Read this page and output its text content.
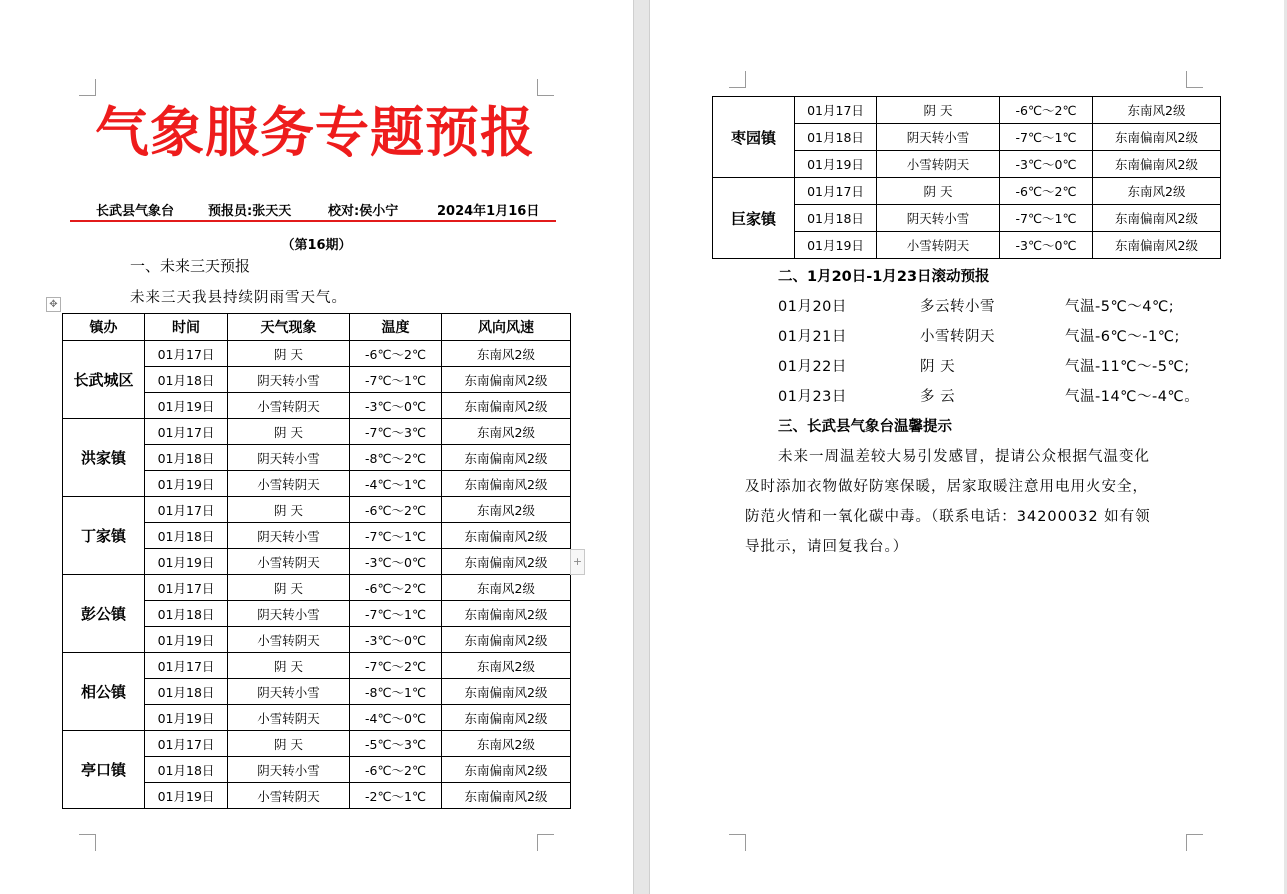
气象服务专题预报
长武县气象台	预报员:张天天	校对:侯小宁	2024年1月16日
（第16期）
一、未来三天预报
未来三天我县持续阴雨雪天气。
✥
镇办	时间	天气现象	温度	风向风速
长武城区	01月17日	阴 天	-6℃～2℃	东南风2级
	01月18日	阴天转小雪	-7℃～1℃	东南偏南风2级
	01月19日	小雪转阴天	-3℃～0℃	东南偏南风2级
洪家镇	01月17日	阴 天	-7℃～3℃	东南风2级
	01月18日	阴天转小雪	-8℃～2℃	东南偏南风2级
	01月19日	小雪转阴天	-4℃～1℃	东南偏南风2级
丁家镇	01月17日	阴 天	-6℃～2℃	东南风2级
	01月18日	阴天转小雪	-7℃～1℃	东南偏南风2级
	01月19日	小雪转阴天	-3℃～0℃	东南偏南风2级
彭公镇	01月17日	阴 天	-6℃～2℃	东南风2级
	01月18日	阴天转小雪	-7℃～1℃	东南偏南风2级
	01月19日	小雪转阴天	-3℃～0℃	东南偏南风2级
相公镇	01月17日	阴 天	-7℃～2℃	东南风2级
	01月18日	阴天转小雪	-8℃～1℃	东南偏南风2级
	01月19日	小雪转阴天	-4℃～0℃	东南偏南风2级
亭口镇	01月17日	阴 天	-5℃～3℃	东南风2级
	01月18日	阴天转小雪	-6℃～2℃	东南偏南风2级
	01月19日	小雪转阴天	-2℃～1℃	东南偏南风2级
+
枣园镇	01月17日	阴 天	-6℃～2℃	东南风2级
	01月18日	阴天转小雪	-7℃～1℃	东南偏南风2级
	01月19日	小雪转阴天	-3℃～0℃	东南偏南风2级
巨家镇	01月17日	阴 天	-6℃～2℃	东南风2级
	01月18日	阴天转小雪	-7℃～1℃	东南偏南风2级
	01月19日	小雪转阴天	-3℃～0℃	东南偏南风2级
二、1月20日-1月23日滚动预报
01月20日	多云转小雪	气温-5℃～4℃;
01月21日	小雪转阴天	气温-6℃～-1℃;
01月22日	阴 天	气温-11℃～-5℃;
01月23日	多 云	气温-14℃～-4℃。
三、长武县气象台温馨提示
未来一周温差较大易引发感冒，提请公众根据气温变化
及时添加衣物做好防寒保暖，居家取暖注意用电用火安全，
防范火情和一氧化碳中毒。（联系电话：34200032 如有领
导批示，请回复我台。）
